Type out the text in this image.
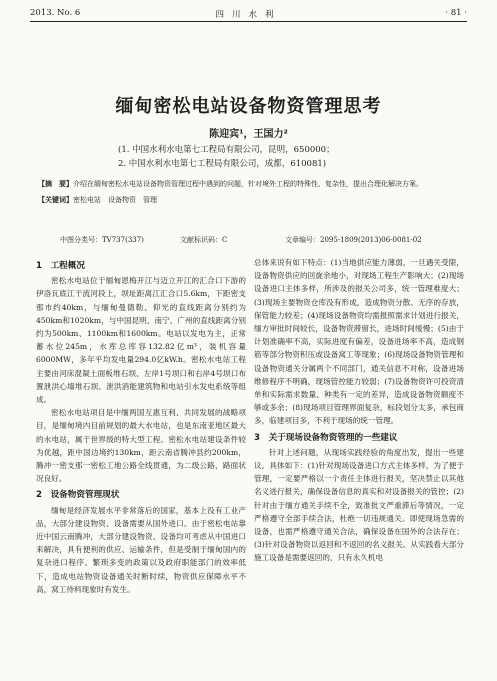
2013. No. 6	四川水利	· 81 ·
缅甸密松电站设备物资管理思考
陈迎宾¹，王国力²
(1. 中国水利水电第七工程局有限公司，昆明，650000；
2. 中国水利水电第七工程局有限公司，成都，610081)
【摘　要】介绍在缅甸密松水电站设备物资管理过程中遇到的问题，针对境外工程的特殊性、复杂性，提出合理化解决方案。
【关键词】密松电站　设备物资　管理
中图分类号：TV737(337)	文献标识码：C	文章编号：2095-1809(2013)06-0081-02
1　工程概况

密松水电站位于缅甸恩梅开江与迈立开江的汇合口下游的伊洛瓦底江干流河段上，坝址距离江汇合口5.6km，下距密支那市约40km，与缅甸曼德勒、仰光的直线距离分别约为450km和1020km，与中国昆明、南宁、广州的直线距离分别约为500km、1100km和1600km。电站以发电为主，正常蓄水位245m，水库总库容132.82亿m³，装机容量6000MW，多年平均发电量294.0亿kW.h。密松水电站工程主要由河床混凝土面板堆石坝、左岸1号坝口和右岸4号坝口布置泄洪心墙堆石坝、泄洪消能建筑物和电站引水发电系统等组成。

密松水电站项目是中缅两国互惠互利、共同发展的战略项目，是缅甸境内目前规划的最大水电站，也是东南亚地区最大的水电站，属于世界级的特大型工程。密松水电站建设条件较为优越，距中国边境约130km，距云南省腾冲县约200km，腾冲一密支那一密松工地公路全线贯通，为二级公路，路面状况良好。

2　设备物资管理现状

缅甸是经济发展水平非常落后的国家，基本上没有工业产品，大部分建设物资、设备需要从国外进口。由于密松电站靠近中国云南腾冲，大部分建设物资、设备均可考虑从中国进口来解决，具有便利的供应、运输条件，但是受制于缅甸国内的复杂进口程序、繁琐多变的政策以及政府职能部门的效率低下，造成电站物资设备通关时断时续，物资供应保障水平不高，窝工待料现象时有发生。

总体来说有如下特点：(1)当地供应能力薄弱，一旦遇关受限，设备物资供应的回旋余地小，对现场工程生产影响大；(2)现场设备进口主体多样，所涉及的报关公司多，统一管理难度大；(3)现场主要物资仓库没有形成，造成物资分散、无序的存放，保管能力较差；(4)现场设备物资均需报照需求计划进行报关，缅方审批时间较长，设备物资滞留长，进场时间缓慢；(5)由于计划准确率不高，实际进度有偏差，设备进场率不高，造成钢筋等部分物资积压或设备窝工等现象；(6)现场设备物资管理和设备物资通关分属两个不同部门，通关信息不对称，设备进场维修程序不明确，现场管控能力较弱；(7)设备物资许可投资清单和实际需求数量、种类有一定的差异，造成设备物资额度不够或多余；(8)现场项目管理界面复杂，标段划分太多，承包商多，临建项目多，不利于现场的统一管理。

3　关于现场设备物资管理的一些建议

针对上述问题，从现场实践经验的角度出发，提出一些建议。具体如下：(1)针对现场设备进口方式主体多样，为了便于管理，一定要严格以一个责任主体进行报关，坚决禁止以其他名义进行报关，确保设备信息的真实和对设备报关的管控；(2)针对由于缅方通关手续不全，致准批文严重滞后等情况，一定严格遵守全部手续合法，杜绝一切违规通关。即使现场急需的设备，也需严格遵守通关合法，确保设备在国外的合法存在；(3)针对设备物资以返回和不返回的名义报关。从实践看大部分施工设备是需要返回的，只有永久机电
